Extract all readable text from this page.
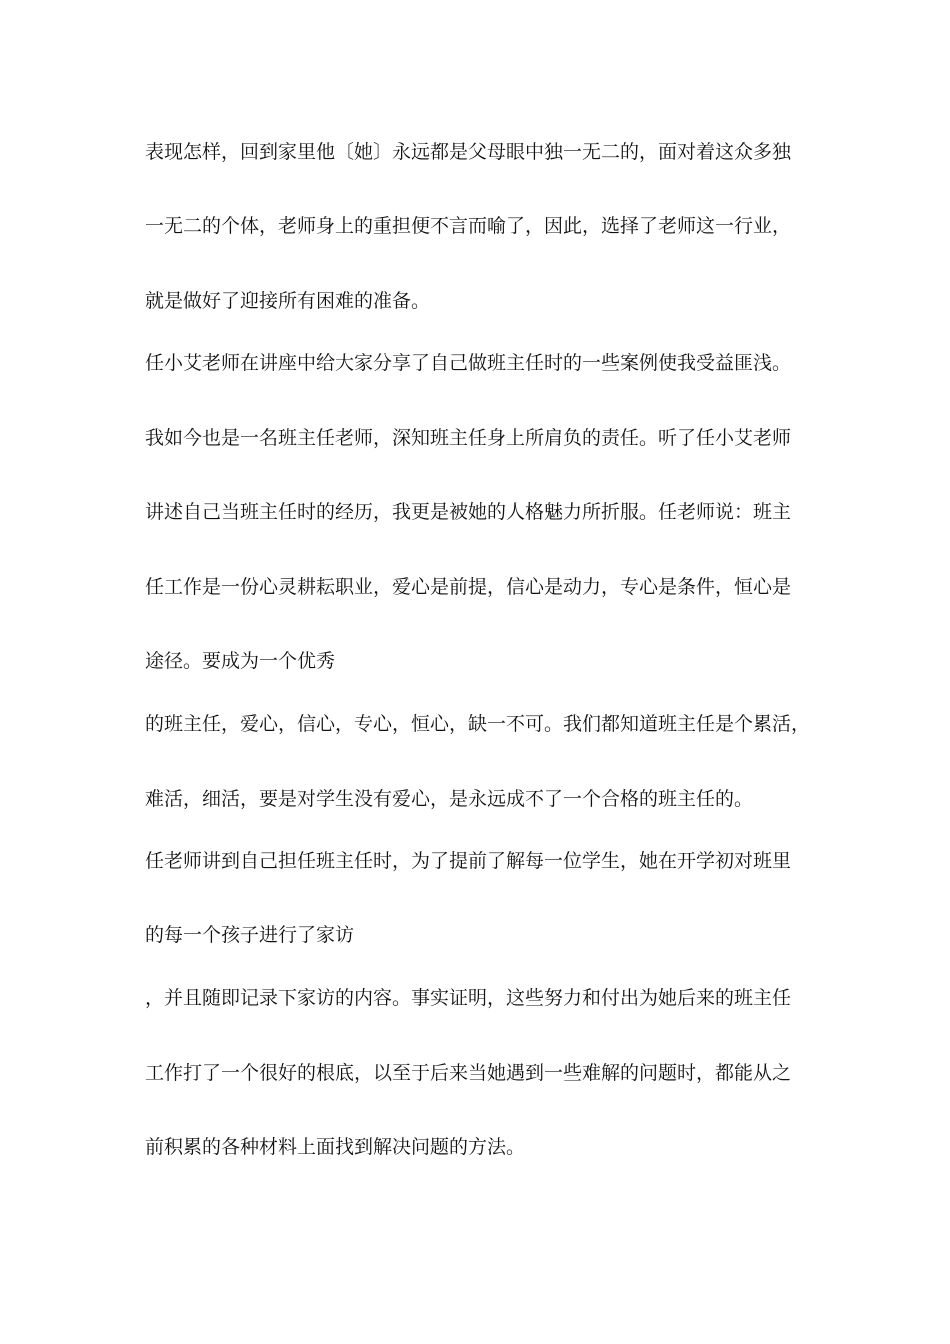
表现怎样，回到家里他〔她〕永远都是父母眼中独一无二的，面对着这众多独

一无二的个体，老师身上的重担便不言而喻了，因此，选择了老师这一行业，

就是做好了迎接所有困难的准备。

任小艾老师在讲座中给大家分享了自己做班主任时的一些案例使我受益匪浅。

我如今也是一名班主任老师，深知班主任身上所肩负的责任。听了任小艾老师

讲述自己当班主任时的经历，我更是被她的人格魅力所折服。任老师说：班主

任工作是一份心灵耕耘职业，爱心是前提，信心是动力，专心是条件，恒心是

途径。要成为一个优秀

的班主任，爱心，信心，专心，恒心，缺一不可。我们都知道班主任是个累活，

难活，细活，要是对学生没有爱心，是永远成不了一个合格的班主任的。

任老师讲到自己担任班主任时，为了提前了解每一位学生，她在开学初对班里

的每一个孩子进行了家访

，并且随即记录下家访的内容。事实证明，这些努力和付出为她后来的班主任

工作打了一个很好的根底，以至于后来当她遇到一些难解的问题时，都能从之

前积累的各种材料上面找到解决问题的方法。
